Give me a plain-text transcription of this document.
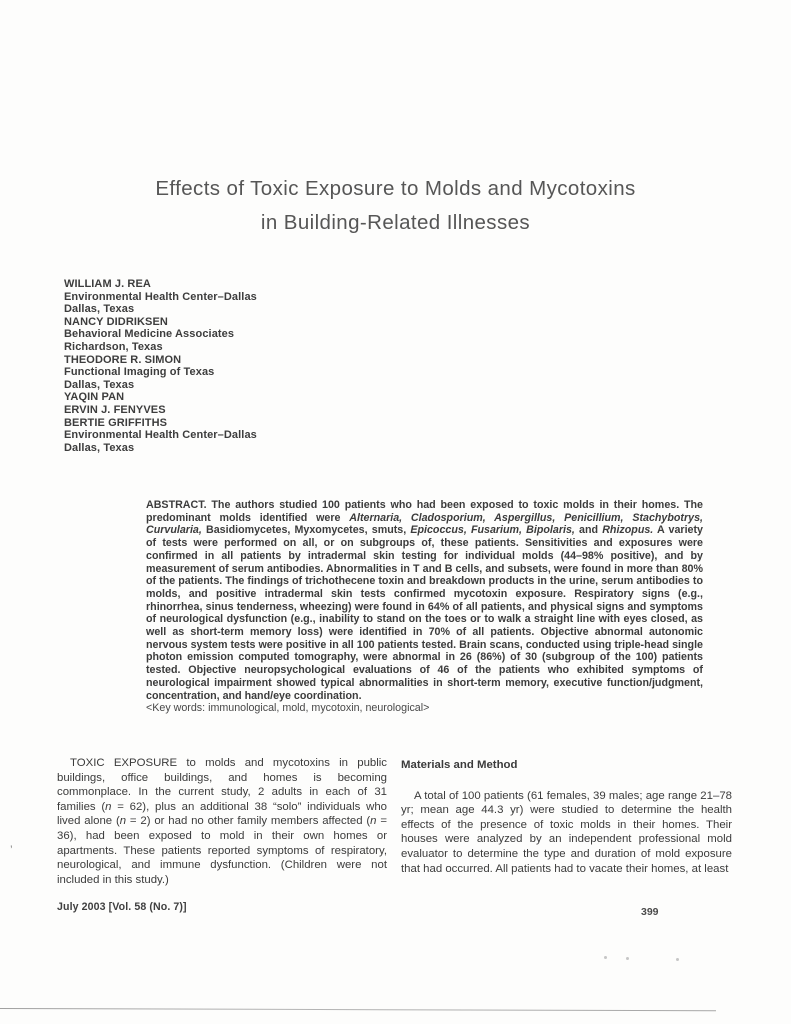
Effects of Toxic Exposure to Molds and Mycotoxins
in Building-Related Illnesses
WILLIAM J. REA
Environmental Health Center–Dallas
Dallas, Texas
NANCY DIDRIKSEN
Behavioral Medicine Associates
Richardson, Texas
THEODORE R. SIMON
Functional Imaging of Texas
Dallas, Texas
YAQIN PAN
ERVIN J. FENYVES
BERTIE GRIFFITHS
Environmental Health Center–Dallas
Dallas, Texas
ABSTRACT. The authors studied 100 patients who had been exposed to toxic molds in their homes. The predominant molds identified were Alternaria, Cladosporium, Aspergillus, Penicillium, Stachybotrys, Curvularia, Basidiomycetes, Myxomycetes, smuts, Epicoccus, Fusarium, Bipolaris, and Rhizopus. A variety of tests were performed on all, or on subgroups of, these patients. Sensitivities and exposures were confirmed in all patients by intradermal skin testing for individual molds (44–98% positive), and by measurement of serum antibodies. Abnormalities in T and B cells, and subsets, were found in more than 80% of the patients. The findings of trichothecene toxin and breakdown products in the urine, serum antibodies to molds, and positive intradermal skin tests confirmed mycotoxin exposure. Respiratory signs (e.g., rhinorrhea, sinus tenderness, wheezing) were found in 64% of all patients, and physical signs and symptoms of neurological dysfunction (e.g., inability to stand on the toes or to walk a straight line with eyes closed, as well as short-term memory loss) were identified in 70% of all patients. Objective abnormal autonomic nervous system tests were positive in all 100 patients tested. Brain scans, conducted using triple-head single photon emission computed tomography, were abnormal in 26 (86%) of 30 (subgroup of the 100) patients tested. Objective neuropsychological evaluations of 46 of the patients who exhibited symptoms of neurological impairment showed typical abnormalities in short-term memory, executive function/judgment, concentration, and hand/eye coordination.
<Key words: immunological, mold, mycotoxin, neurological>

TOXIC EXPOSURE to molds and mycotoxins in public buildings, office buildings, and homes is becoming commonplace. In the current study, 2 adults in each of 31 families (n = 62), plus an additional 38 “solo” individuals who lived alone (n = 2) or had no other family members affected (n = 36), had been exposed to mold in their own homes or apartments. These patients reported symptoms of respiratory, neurological, and immune dysfunction. (Children were not included in this study.)

Materials and Method

A total of 100 patients (61 females, 39 males; age range 21–78 yr; mean age 44.3 yr) were studied to determine the health effects of the presence of toxic molds in their homes. Their houses were analyzed by an independent professional mold evaluator to determine the type and duration of mold exposure that had occurred. All patients had to vacate their homes, at least

July 2003 [Vol. 58 (No. 7)]	399
’
